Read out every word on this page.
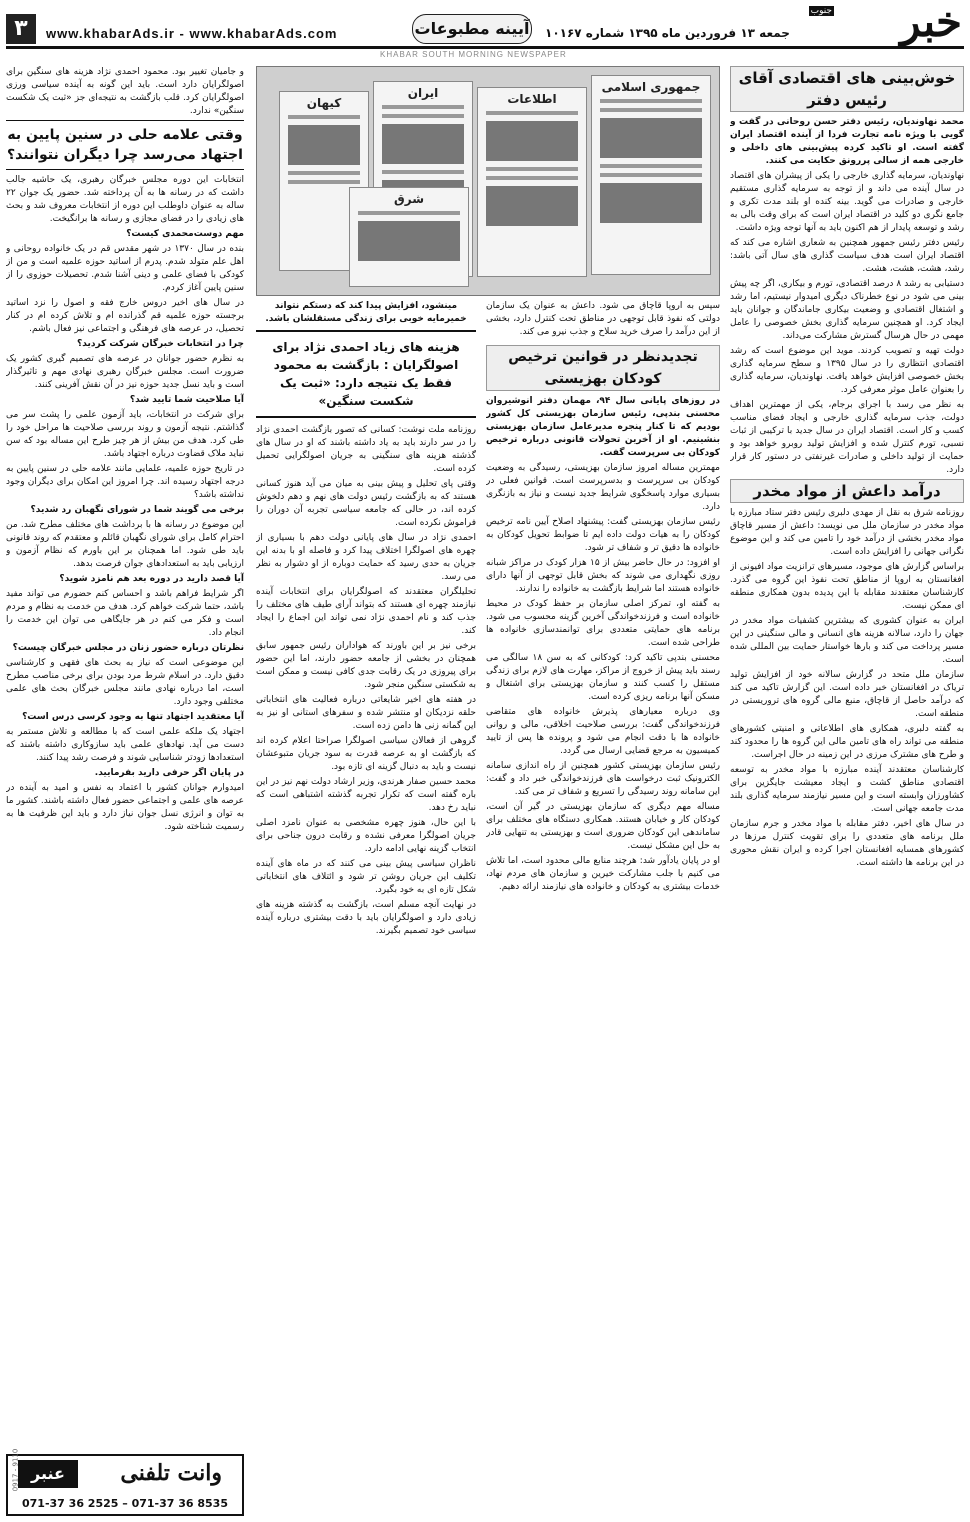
۳	www.khabarAds.ir - www.khabarAds.com	آیینه مطبوعات جمعه ۱۳ فروردین ماه ۱۳۹۵ شماره ۱۰۱۶۷	خبر
جنوب
KHABAR SOUTH MORNING NEWSPAPER
خوش‌بینی های اقتصادی آقای رئیس دفتر

محمد نهاوندیان، رئیس دفتر حسن روحانی در گفت و گویی با ویژه نامه تجارت فردا از آینده اقتصاد ایران گفته است. او تاکید کرده پیش‌بینی های داخلی و خارجی همه از سالی پررونق حکایت می کنند.

نهاوندیان، سرمایه گذاری خارجی را یکی از پیشران های اقتصاد در سال آینده می داند و از توجه به سرمایه گذاری مستقیم خارجی و صادرات می گوید. بینه کنده او بلند مدت تکری و جامع نگری دو کلید در اقتصاد ایران است که برای وقت بالی به رشد و توسعه پایدار از هم اکنون باید به آنها توجه ویژه داشت.

رئیس دفتر رئیس جمهور همچنین به شعاری اشاره می کند که اقتصاد ایران است هدف سیاست گذاری های سال آتی باشد: رشد، هشت، هشت، هشت.

دستیابی به رشد ۸ درصد اقتصادی، تورم و بیکاری، اگر چه پیش بینی می شود در نوع خطرناک دیگری امیدوار نیستیم، اما رشد و اشتغال اقتصادی و وضعیت بیکاری جاماندگان و جوانان باید ایجاد کرد. او همچنین سرمایه گذاری بخش خصوصی را عامل مهمی در حال هرسال گسترش مشارکت می‌داند.

دولت تهیه و تصویب کردند. موید این موضوع است که رشد اقتصادی انتظاری را در سال ۱۳۹۵ و سطح سرمایه گذاری بخش خصوصی افزایش خواهد یافت. نهاوندیان، سرمایه گذاری را بعنوان عامل موثر معرفی کرد.

به نظر می رسد با اجرای برجام، یکی از مهمترین اهداف دولت، جذب سرمایه گذاری خارجی و ایجاد فضای مناسب کسب و کار است. اقتصاد ایران در سال جدید با ترکیبی از ثبات نسبی، تورم کنترل شده و افزایش تولید روبرو خواهد بود و حمایت از تولید داخلی و صادرات غیرنفتی در دستور کار قرار دارد.

درآمد داعش از مواد مخدر

روزنامه شرق به نقل از مهدی دلبری رئیس دفتر ستاد مبارزه با مواد مخدر در سازمان ملل می نویسد: داعش از مسیر قاچاق مواد مخدر بخشی از درآمد خود را تامین می کند و این موضوع نگرانی جهانی را افزایش داده است.

براساس گزارش های موجود، مسیرهای ترانزیت مواد افیونی از افغانستان به اروپا از مناطق تحت نفوذ این گروه می گذرد. کارشناسان معتقدند مقابله با این پدیده بدون همکاری منطقه ای ممکن نیست.

ایران به عنوان کشوری که بیشترین کشفیات مواد مخدر در جهان را دارد، سالانه هزینه های انسانی و مالی سنگینی در این مسیر پرداخت می کند و بارها خواستار حمایت بین المللی شده است.

سازمان ملل متحد در گزارش سالانه خود از افزایش تولید تریاک در افغانستان خبر داده است. این گزارش تاکید می کند که درآمد حاصل از قاچاق، منبع مالی گروه های تروریستی در منطقه است.

به گفته دلبری، همکاری های اطلاعاتی و امنیتی کشورهای منطقه می تواند راه های تامین مالی این گروه ها را محدود کند و طرح های مشترک مرزی در این زمینه در حال اجراست.

کارشناسان معتقدند آینده مبارزه با مواد مخدر به توسعه اقتصادی مناطق کشت و ایجاد معیشت جایگزین برای کشاورزان وابسته است و این مسیر نیازمند سرمایه گذاری بلند مدت جامعه جهانی است.

در سال های اخیر، دفتر مقابله با مواد مخدر و جرم سازمان ملل برنامه های متعددی را برای تقویت کنترل مرزها در کشورهای همسایه افغانستان اجرا کرده و ایران نقش محوری در این برنامه ها داشته است.

جمهوری اسلامی
اطلاعات
ایران
کیهان
شرق

سپس به اروپا قاچاق می شود. داعش به عنوان یک سازمان دولتی که نفوذ قابل توجهی در مناطق تحت کنترل دارد، بخشی از این درآمد را صرف خرید سلاح و جذب نیرو می کند.

تجدیدنظر در قوانین ترخیص کودکان بهزیستی

در روزهای پایانی سال ۹۴، مهمان دفتر انوشیروان محسنی بندپی، رئیس سازمان بهزیستی کل کشور بودیم که تا کنار پنجره مدیرعامل سازمان بهزیستی بنشینیم. او از آخرین تحولات قانونی درباره ترخیص کودکان بی سرپرست گفت.

مهمترین مساله امروز سازمان بهزیستی، رسیدگی به وضعیت کودکان بی سرپرست و بدسرپرست است. قوانین فعلی در بسیاری موارد پاسخگوی شرایط جدید نیست و نیاز به بازنگری دارد.

رئیس سازمان بهزیستی گفت: پیشنهاد اصلاح آیین نامه ترخیص کودکان را به هیات دولت داده ایم تا ضوابط تحویل کودکان به خانواده ها دقیق تر و شفاف تر شود.

او افزود: در حال حاضر بیش از ۱۵ هزار کودک در مراکز شبانه روزی نگهداری می شوند که بخش قابل توجهی از آنها دارای خانواده هستند اما شرایط بازگشت به خانواده را ندارند.

به گفته او، تمرکز اصلی سازمان بر حفظ کودک در محیط خانواده است و فرزندخواندگی آخرین گزینه محسوب می شود. برنامه های حمایتی متعددی برای توانمندسازی خانواده ها طراحی شده است.

محسنی بندپی تاکید کرد: کودکانی که به سن ۱۸ سالگی می رسند باید پیش از خروج از مراکز، مهارت های لازم برای زندگی مستقل را کسب کنند و سازمان بهزیستی برای اشتغال و مسکن آنها برنامه ریزی کرده است.

وی درباره معیارهای پذیرش خانواده های متقاضی فرزندخواندگی گفت: بررسی صلاحیت اخلاقی، مالی و روانی خانواده ها با دقت انجام می شود و پرونده ها پس از تایید کمیسیون به مرجع قضایی ارسال می گردد.

رئیس سازمان بهزیستی کشور همچنین از راه اندازی سامانه الکترونیک ثبت درخواست های فرزندخواندگی خبر داد و گفت: این سامانه روند رسیدگی را تسریع و شفاف تر می کند.

مساله مهم دیگری که سازمان بهزیستی در گیر آن است، کودکان کار و خیابان هستند. همکاری دستگاه های مختلف برای ساماندهی این کودکان ضروری است و بهزیستی به تنهایی قادر به حل این مشکل نیست.

او در پایان یادآور شد: هرچند منابع مالی محدود است، اما تلاش می کنیم با جلب مشارکت خیرین و سازمان های مردم نهاد، خدمات بیشتری به کودکان و خانواده های نیازمند ارائه دهیم.

مینشود، افزایش پیدا کند که دستکم نتواند خمیرمایه خوبی برای زندگی مستقلشان باشد.
هزینه های زیاد احمدی نژاد برای اصولگرایان : بازگشت به محمود فقط یک نتیجه دارد: «ثبت یک شکست سنگین»

روزنامه ملت نوشت: کسانی که تصور بازگشت احمدی نژاد را در سر دارند باید به یاد داشته باشند که او در سال های گذشته هزینه های سنگینی به جریان اصولگرایی تحمیل کرده است.

وقتی پای تحلیل و پیش بینی به میان می آید هنوز کسانی هستند که به بازگشت رئیس دولت های نهم و دهم دلخوش کرده اند، در حالی که جامعه سیاسی تجربه آن دوران را فراموش نکرده است.

احمدی نژاد در سال های پایانی دولت دهم با بسیاری از چهره های اصولگرا اختلاف پیدا کرد و فاصله او با بدنه این جریان به حدی رسید که حمایت دوباره از او دشوار به نظر می رسد.

تحلیلگران معتقدند که اصولگرایان برای انتخابات آینده نیازمند چهره ای هستند که بتواند آرای طیف های مختلف را جذب کند و نام احمدی نژاد نمی تواند این اجماع را ایجاد کند.

برخی نیز بر این باورند که هواداران رئیس جمهور سابق همچنان در بخشی از جامعه حضور دارند، اما این حضور برای پیروزی در یک رقابت جدی کافی نیست و ممکن است به شکستی سنگین منجر شود.

در هفته های اخیر شایعاتی درباره فعالیت های انتخاباتی حلقه نزدیکان او منتشر شده و سفرهای استانی او نیز به این گمانه زنی ها دامن زده است.

گروهی از فعالان سیاسی اصولگرا صراحتا اعلام کرده اند که بازگشت او به عرصه قدرت به سود جریان متبوعشان نیست و باید به دنبال گزینه ای تازه بود.

محمد حسین صفار هرندی، وزیر ارشاد دولت نهم نیز در این باره گفته است که تکرار تجربه گذشته اشتباهی است که نباید رخ دهد.

با این حال، هنوز چهره مشخصی به عنوان نامزد اصلی جریان اصولگرا معرفی نشده و رقابت درون جناحی برای انتخاب گزینه نهایی ادامه دارد.

ناظران سیاسی پیش بینی می کنند که در ماه های آینده تکلیف این جریان روشن تر شود و ائتلاف های انتخاباتی شکل تازه ای به خود بگیرد.

در نهایت آنچه مسلم است، بازگشت به گذشته هزینه های زیادی دارد و اصولگرایان باید با دقت بیشتری درباره آینده سیاسی خود تصمیم بگیرند.

و جامیان تغییر بود. محمود احمدی نژاد هزینه های سنگین برای اصولگرایان دارد است. باید این گونه به آینده سیاسی ورزی اصولگرایان کرد. قلب بازگشت به نتیجه‌ای جز «ثبت یک شکست سنگین» ندارد.

وقتی علامه حلی در سنین پایین به اجتهاد می‌رسد چرا دیگران نتوانند؟

انتخابات این دوره مجلس خبرگان رهبری، یک حاشیه جالب داشت که در رسانه ها به آن پرداخته شد. حضور یک جوان ۲۲ ساله به عنوان داوطلب این دوره از انتخابات معروف شد و بحث های زیادی را در فضای مجازی و رسانه ها برانگیخت.

مهم دوست‌محمدی کیست؟

بنده در سال ۱۳۷۰ در شهر مقدس قم در یک خانواده روحانی و اهل علم متولد شدم. پدرم از اساتید حوزه علمیه است و من از کودکی با فضای علمی و دینی آشنا شدم. تحصیلات حوزوی را از سنین پایین آغاز کردم.

در سال های اخیر دروس خارج فقه و اصول را نزد اساتید برجسته حوزه علمیه قم گذرانده ام و تلاش کرده ام در کنار تحصیل، در عرصه های فرهنگی و اجتماعی نیز فعال باشم.

چرا در انتخابات خبرگان شرکت کردید؟

به نظرم حضور جوانان در عرصه های تصمیم گیری کشور یک ضرورت است. مجلس خبرگان رهبری نهادی مهم و تاثیرگذار است و باید نسل جدید حوزه نیز در آن نقش آفرینی کنند.

آیا صلاحیت شما تایید شد؟

برای شرکت در انتخابات، باید آزمون علمی را پشت سر می گذاشتم. نتیجه آزمون و روند بررسی صلاحیت ها مراحل خود را طی کرد. هدف من بیش از هر چیز طرح این مساله بود که سن نباید ملاک قضاوت درباره اجتهاد باشد.

در تاریخ حوزه علمیه، علمایی مانند علامه حلی در سنین پایین به درجه اجتهاد رسیده اند. چرا امروز این امکان برای دیگران وجود نداشته باشد؟

برخی می گویند شما در شورای نگهبان رد شدید؟

این موضوع در رسانه ها با برداشت های مختلف مطرح شد. من احترام کامل برای شورای نگهبان قائلم و معتقدم که روند قانونی باید طی شود. اما همچنان بر این باورم که نظام آزمون و ارزیابی باید به استعدادهای جوان فرصت بدهد.

آیا قصد دارید در دوره بعد هم نامزد شوید؟

اگر شرایط فراهم باشد و احساس کنم حضورم می تواند مفید باشد، حتما شرکت خواهم کرد. هدف من خدمت به نظام و مردم است و فکر می کنم در هر جایگاهی می توان این خدمت را انجام داد.

نظرتان درباره حضور زنان در مجلس خبرگان چیست؟

این موضوعی است که نیاز به بحث های فقهی و کارشناسی دقیق دارد. در اسلام شرط مرد بودن برای برخی مناصب مطرح است، اما درباره نهادی مانند مجلس خبرگان بحث های علمی مختلفی وجود دارد.

آیا معتقدید اجتهاد تنها به وجود کرسی درس است؟

اجتهاد یک ملکه علمی است که با مطالعه و تلاش مستمر به دست می آید. نهادهای علمی باید سازوکاری داشته باشند که استعدادها زودتر شناسایی شوند و فرصت رشد پیدا کنند.

در پایان اگر حرفی دارید بفرمایید.

امیدوارم جوانان کشور با اعتماد به نفس و امید به آینده در عرصه های علمی و اجتماعی حضور فعال داشته باشند. کشور ما به توان و انرژی نسل جوان نیاز دارد و باید این ظرفیت ها به رسمیت شناخته شود.

وانت تلفنی
عنبر
071-37 36 2525 – 071-37 36 8535
0917 - 9110
